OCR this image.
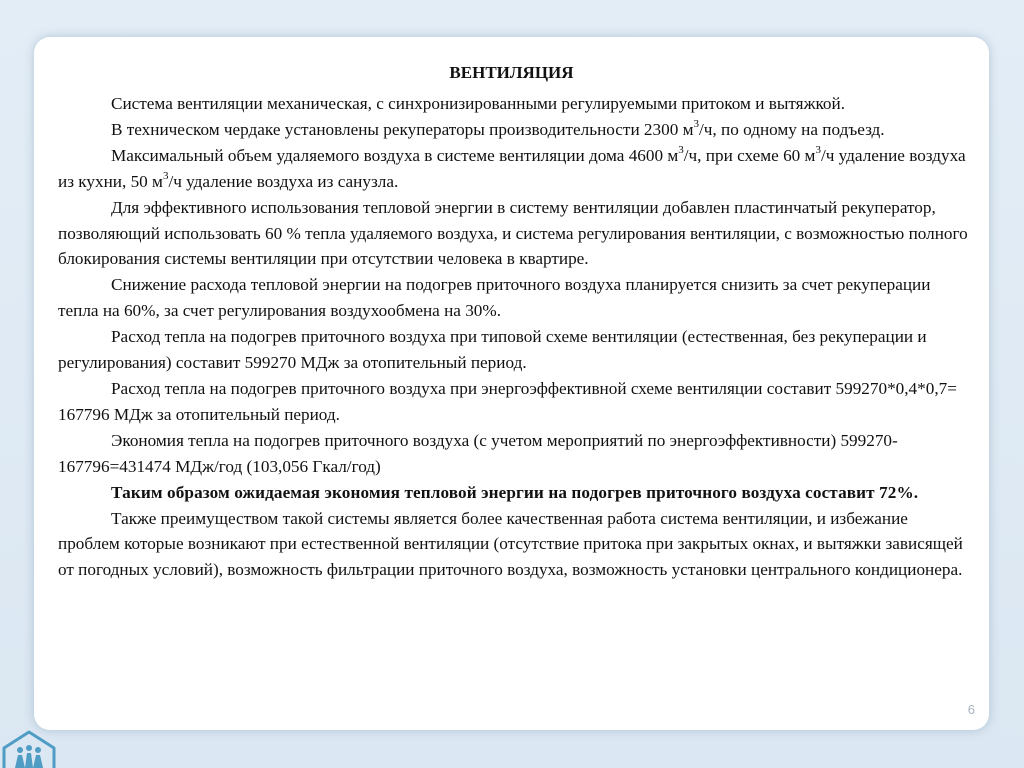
ВЕНТИЛЯЦИЯ

Система вентиляции механическая, с синхронизированными регулируемыми притоком и вытяжкой.

В техническом чердаке установлены рекуператоры производительности 2300 $м^3/ч$, по одному на подъезд.

Максимальный объем удаляемого воздуха в системе вентиляции дома 4600 $м^3/ч$, при схеме 60 $м^3/ч$ удаление воздуха из кухни, 50 $м^3/ч$ удаление воздуха из санузла.

Для эффективного использования тепловой энергии в систему вентиляции добавлен пластинчатый рекуператор, позволяющий использовать 60 % тепла удаляемого воздуха, и система регулирования вентиляции, с возможностью полного блокирования системы вентиляции при отсутствии человека в квартире.

Снижение расхода тепловой энергии на подогрев приточного воздуха планируется снизить за счет рекуперации тепла на 60%, за счет регулирования воздухообмена на 30%.

Расход тепла на подогрев приточного воздуха при типовой схеме вентиляции (естественная, без рекуперации и регулирования) составит 599270 МДж за отопительный период.

Расход тепла на подогрев приточного воздуха при энергоэффективной схеме вентиляции составит 599270*0,4*0,7= 167796 МДж за отопительный период.

Экономия тепла на подогрев приточного воздуха (с учетом мероприятий по энергоэффективности) 599270-167796=431474 МДж/год (103,056 Гкал/год)

Таким образом ожидаемая экономия тепловой энергии на подогрев приточного воздуха составит 72%.

Также преимуществом такой системы является более качественная работа система вентиляции, и избежание проблем которые возникают при естественной вентиляции (отсутствие притока при закрытых окнах, и вытяжки зависящей от погодных условий), возможность фильтрации приточного воздуха, возможность установки центрального кондиционера.

6
